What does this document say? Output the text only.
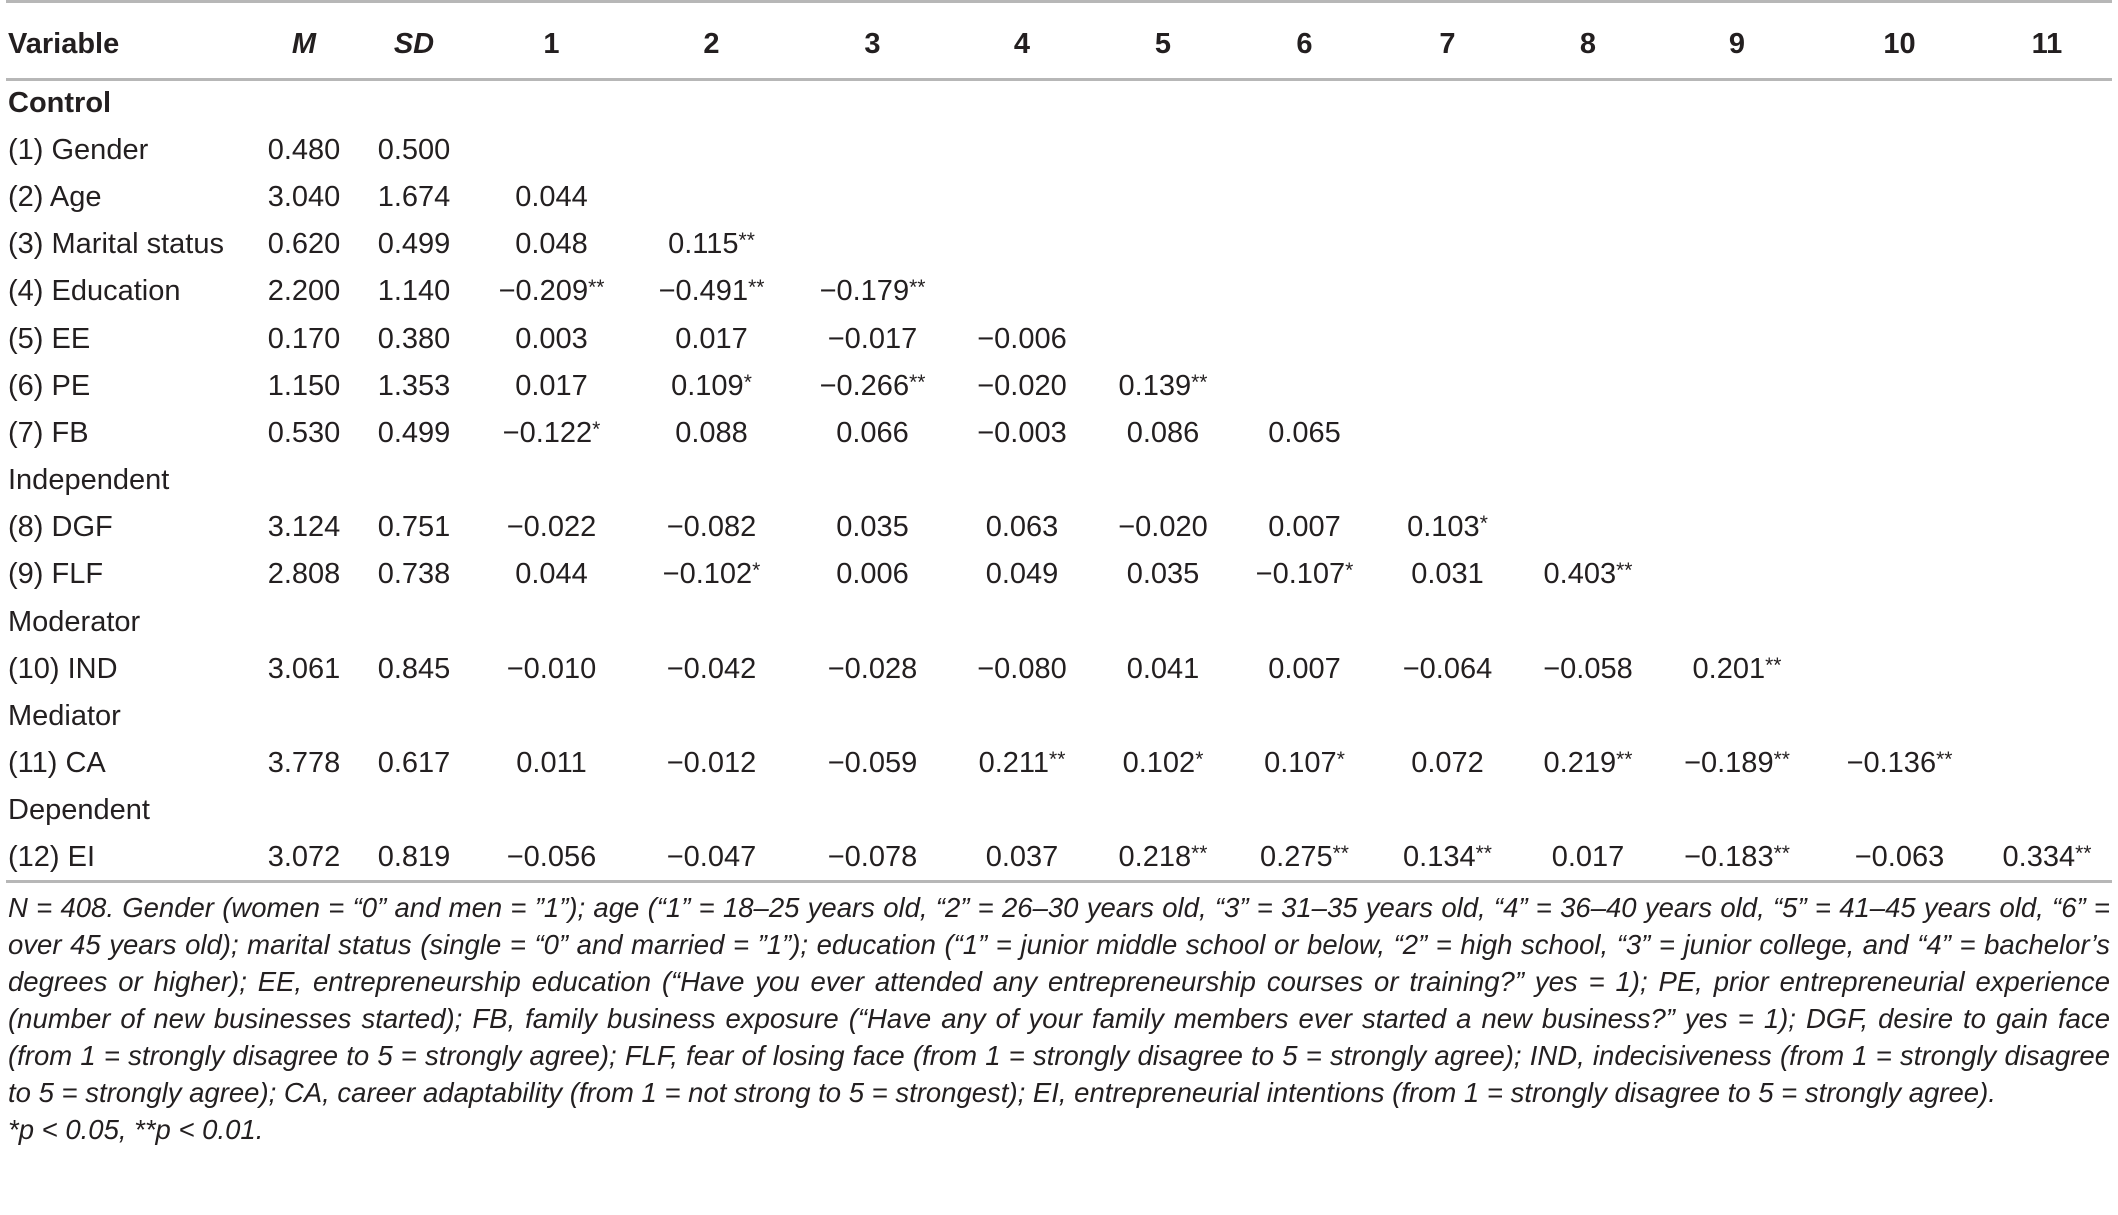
Variable	M	SD	1	2	3	4	5	6	7	8	9	10	11
Control													
(1) Gender	0.480	0.500											
(2) Age	3.040	1.674	0.044										
(3) Marital status	0.620	0.499	0.048	0.115**									
(4) Education	2.200	1.140	−0.209**	−0.491**	−0.179**								
(5) EE	0.170	0.380	0.003	0.017	−0.017	−0.006							
(6) PE	1.150	1.353	0.017	0.109*	−0.266**	−0.020	0.139**						
(7) FB	0.530	0.499	−0.122*	0.088	0.066	−0.003	0.086	0.065					
Independent													
(8) DGF	3.124	0.751	−0.022	−0.082	0.035	0.063	−0.020	0.007	0.103*				
(9) FLF	2.808	0.738	0.044	−0.102*	0.006	0.049	0.035	−0.107*	0.031	0.403**			
Moderator													
(10) IND	3.061	0.845	−0.010	−0.042	−0.028	−0.080	0.041	0.007	−0.064	−0.058	0.201**		
Mediator													
(11) CA	3.778	0.617	0.011	−0.012	−0.059	0.211**	0.102*	0.107*	0.072	0.219**	−0.189**	−0.136**	
Dependent													
(12) EI	3.072	0.819	−0.056	−0.047	−0.078	0.037	0.218**	0.275**	0.134**	0.017	−0.183**	−0.063	0.334**
N = 408. Gender (women = “0” and men = ”1”); age (“1” = 18–25 years old, “2” = 26–30 years old, “3” = 31–35 years old, “4” = 36–40 years old, “5” = 41–45 years old, “6” = over 45 years old); marital status (single = “0” and married = ”1”); education (“1” = junior middle school or below, “2” = high school, “3” = junior college, and “4” = bachelor’s degrees or higher); EE, entrepreneurship education (“Have you ever attended any entrepreneurship courses or training?” yes = 1); PE, prior entrepreneurial experience (number of new businesses started); FB, family business exposure (“Have any of your family members ever started a new business?” yes = 1); DGF, desire to gain face (from 1 = strongly disagree to 5 = strongly agree); FLF, fear of losing face (from 1 = strongly disagree to 5 = strongly agree); IND, indecisiveness (from 1 = strongly disagree to 5 = strongly agree); CA, career adaptability (from 1 = not strong to 5 = strongest); EI, entrepreneurial intentions (from 1 = strongly disagree to 5 = strongly agree).
*p < 0.05, **p < 0.01.
